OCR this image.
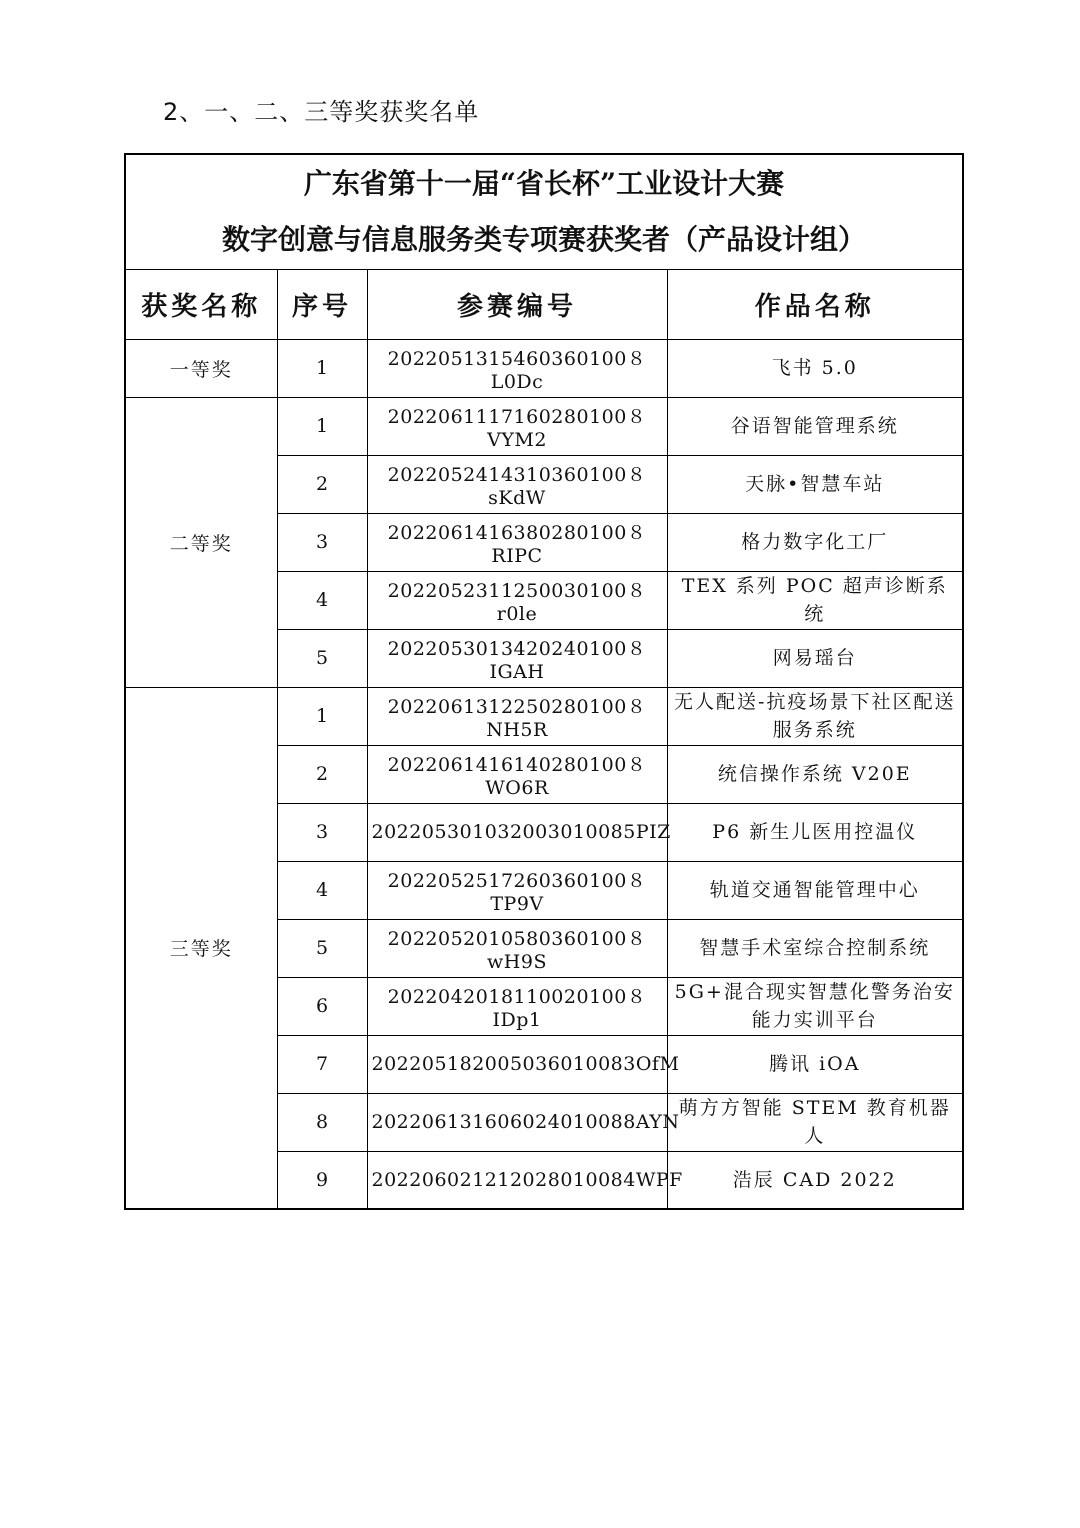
2、一、二、三等奖获奖名单
广东省第十一届“省长杯”工业设计大赛
数字创意与信息服务类专项赛获奖者（产品设计组）			

获奖名称	序号	参赛编号	作品名称
一等奖	1	2022051315460360100８L0Dc	飞书 5.0
二等奖	1	2022061117160280100８VYM2	谷语智能管理系统
	2	2022052414310360100８sKdW	天脉•智慧车站
	3	2022061416380280100８RIPC	格力数字化工厂
	4	2022052311250030100８r0le	TEX 系列 POC 超声诊断系统
	5	2022053013420240100８IGAH	网易瑶台
三等奖	1	2022061312250280100８NH5R	无人配送-抗疫场景下社区配送服务系统
	2	2022061416140280100８WO6R	统信操作系统 V20E
	3	202205301032003010085PIZ	P6 新生儿医用控温仪
	4	2022052517260360100８TP9V	轨道交通智能管理中心
	5	2022052010580360100８wH9S	智慧手术室综合控制系统
	6	2022042018110020100８IDp1	5G+混合现实智慧化警务治安能力实训平台
	7	202205182005036010083OfM	腾讯 iOA
	8	202206131606024010088AYN	萌方方智能 STEM 教育机器人
	9	202206021212028010084WPF	浩辰 CAD 2022
